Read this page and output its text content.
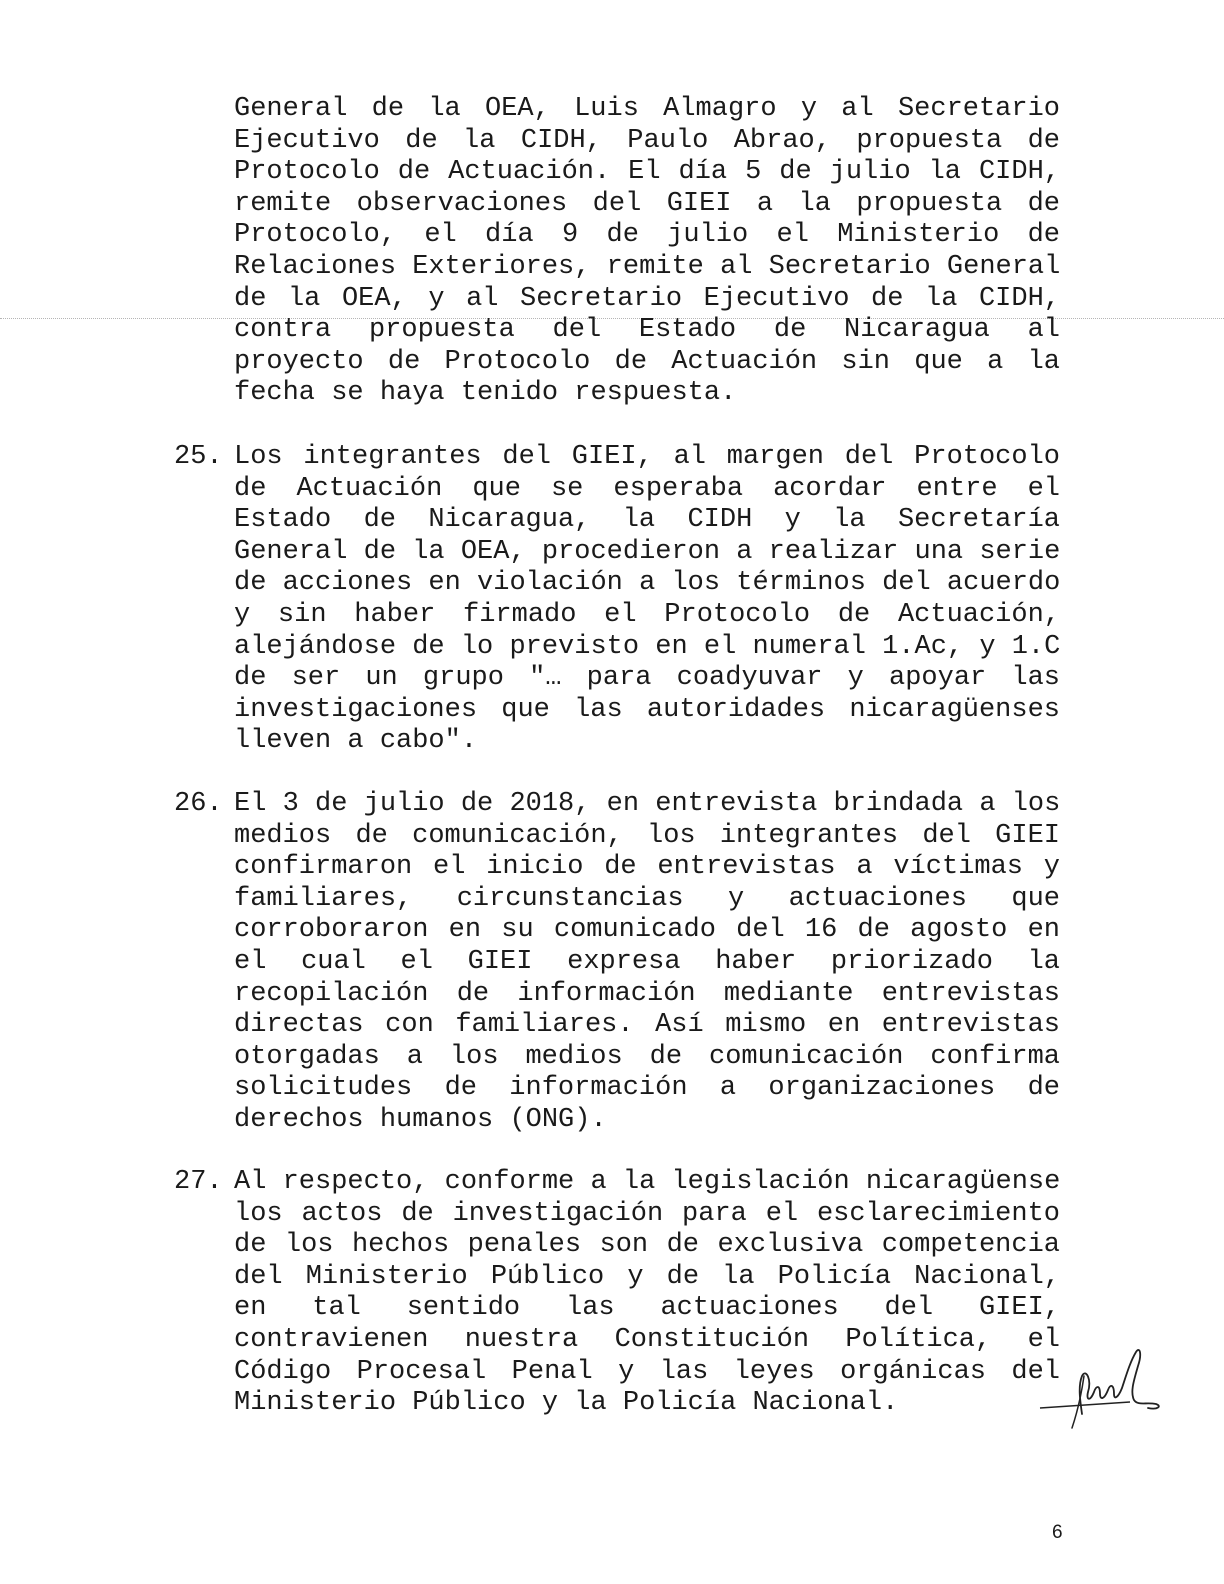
General de la OEA, Luis Almagro y al Secretario
Ejecutivo de la CIDH, Paulo Abrao, propuesta de
Protocolo de Actuación. El día 5 de julio la CIDH,
remite observaciones del GIEI a la propuesta de
Protocolo, el día 9 de julio el Ministerio de
Relaciones Exteriores, remite al Secretario General
de la OEA, y al Secretario Ejecutivo de la CIDH,
contra propuesta del Estado de Nicaragua al
proyecto de Protocolo de Actuación sin que a la
fecha se haya tenido respuesta.
25. Los integrantes del GIEI, al margen del Protocolo
de Actuación que se esperaba acordar entre el
Estado de Nicaragua, la CIDH y la Secretaría
General de la OEA, procedieron a realizar una serie
de acciones en violación a los términos del acuerdo
y sin haber firmado el Protocolo de Actuación,
alejándose de lo previsto en el numeral 1.Ac, y 1.C
de ser un grupo "… para coadyuvar y apoyar las
investigaciones que las autoridades nicaragüenses
lleven a cabo".
26. El 3 de julio de 2018, en entrevista brindada a los
medios de comunicación, los integrantes del GIEI
confirmaron el inicio de entrevistas a víctimas y
familiares, circunstancias y actuaciones que
corroboraron en su comunicado del 16 de agosto en
el cual el GIEI expresa haber priorizado la
recopilación de información mediante entrevistas
directas con familiares. Así mismo en entrevistas
otorgadas a los medios de comunicación confirma
solicitudes de información a organizaciones de
derechos humanos (ONG).
27. Al respecto, conforme a la legislación nicaragüense
los actos de investigación para el esclarecimiento
de los hechos penales son de exclusiva competencia
del Ministerio Público y de la Policía Nacional,
en tal sentido las actuaciones del GIEI,
contravienen nuestra Constitución Política, el
Código Procesal Penal y las leyes orgánicas del
Ministerio Público y la Policía Nacional.
6
